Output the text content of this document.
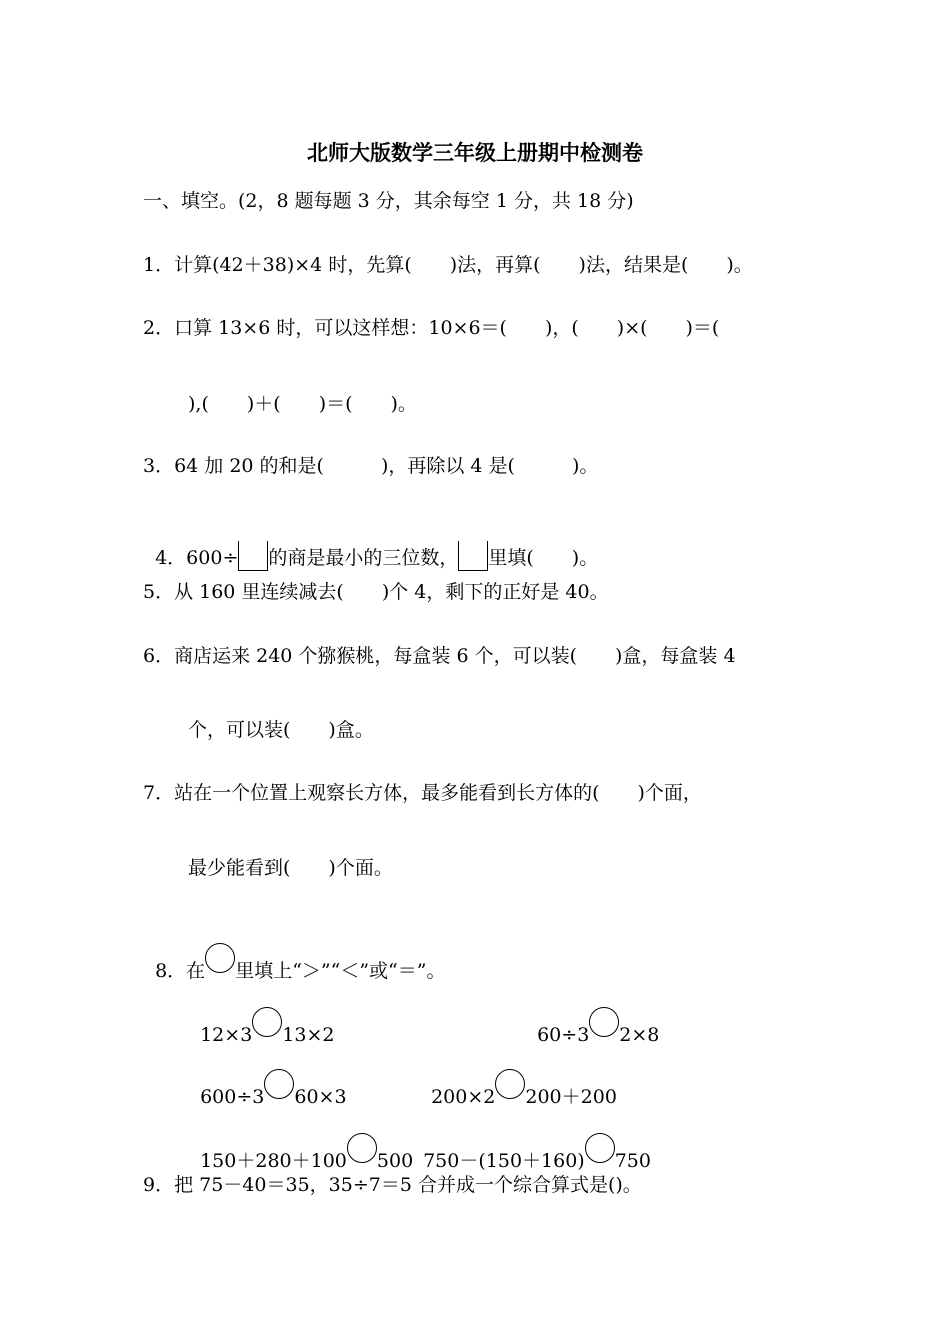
北师大版数学三年级上册期中检测卷
一、填空。(2，8 题每题 3 分，其余每空 1 分，共 18 分)
1．计算(42＋38)×4 时，先算(　　)法，再算(　　)法，结果是(　　)。
2．口算 13×6 时，可以这样想：10×6＝(　　)，(　　)×(　　)＝(
),(　　)＋(　　)＝(　　)。
3．64 加 20 的和是(　　　)，再除以 4 是(　　　)。

4．600÷ 的商是最小的三位数， 里填(　　)。

5．从 160 里连续减去(　　)个 4，剩下的正好是 40。
6．商店运来 240 个猕猴桃，每盒装 6 个，可以装(　　)盒，每盒装 4
个，可以装(　　)盒。
7．站在一个位置上观察长方体，最多能看到长方体的(　　)个面，
最少能看到(　　)个面。

8．在 里填上“＞”“＜”或“＝”。

12×3 13×2	60÷3 2×8

600÷3 60×3	200×2 200＋200

150＋280＋100 500 750－(150＋160) 750

9．把 75－40＝35，35÷7＝5 合并成一个综合算式是()。
